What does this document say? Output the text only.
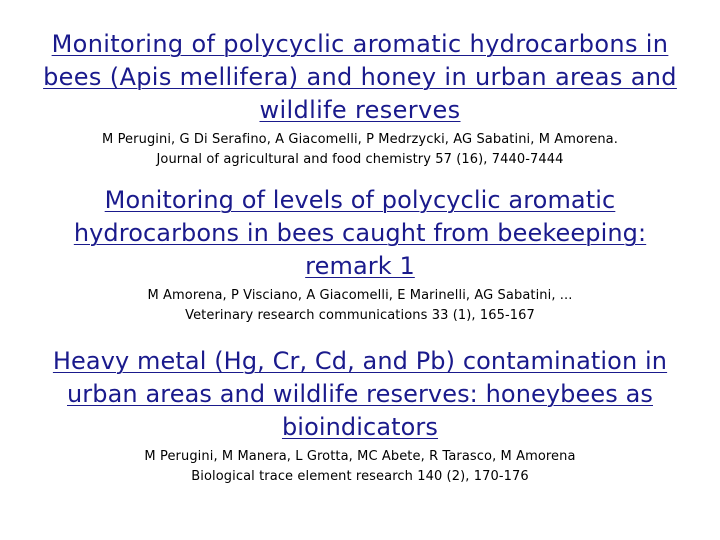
Monitoring of polycyclic aromatic hydrocarbons in
bees (Apis mellifera) and honey in urban areas and
wildlife reserves
M Perugini, G Di Serafino, A Giacomelli, P Medrzycki, AG Sabatini, M Amorena.
Journal of agricultural and food chemistry 57 (16), 7440-7444
Monitoring of levels of polycyclic aromatic
hydrocarbons in bees caught from beekeeping:
remark 1
M Amorena, P Visciano, A Giacomelli, E Marinelli, AG Sabatini, ...
Veterinary research communications 33 (1), 165-167
Heavy metal (Hg, Cr, Cd, and Pb) contamination in
urban areas and wildlife reserves: honeybees as
bioindicators
M Perugini, M Manera, L Grotta, MC Abete, R Tarasco, M Amorena
Biological trace element research 140 (2), 170-176
